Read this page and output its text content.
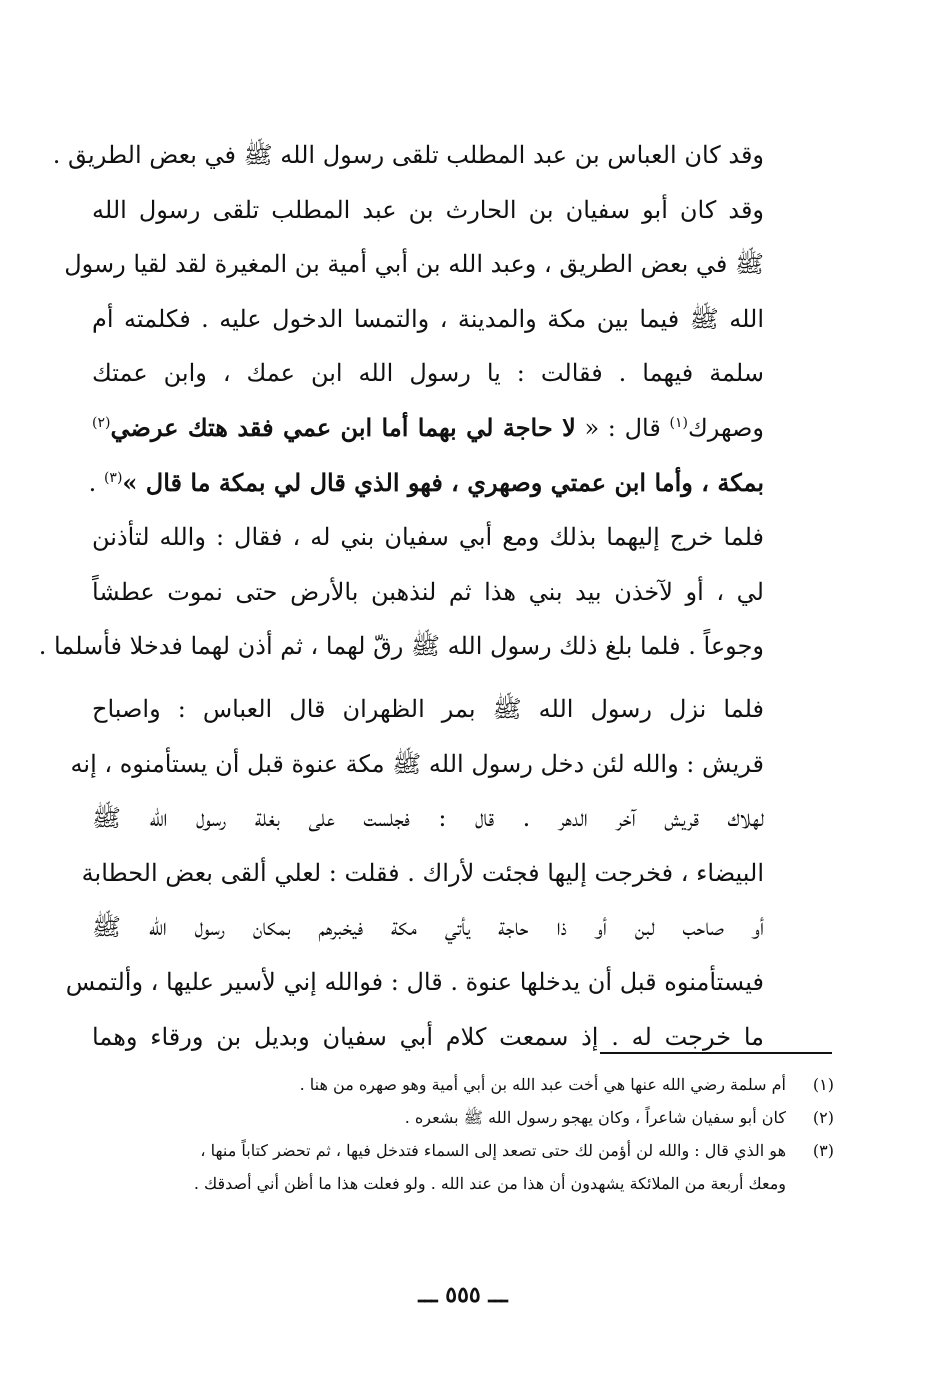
وقد كان العباس بن عبد المطلب تلقى رسول الله ﷺ في بعض الطريق .
وقد كان أبو سفيان بن الحارث بن عبد المطلب تلقى رسول الله
ﷺ في بعض الطريق ، وعبد الله بن أبي أمية بن المغيرة لقد لقيا رسول
الله ﷺ فيما بين مكة والمدينة ، والتمسا الدخول عليه . فكلمته أم
سلمة فيهما . فقالت : يا رسول الله ابن عمك ، وابن عمتك
وصهرك$^{(١)}$ قال : « لا حاجة لي بهما أما ابن عمي فقد هتك عرضي$^{(٢)}$
بمكة ، وأما ابن عمتي وصهري ، فهو الذي قال لي بمكة ما قال »$^{(٣)}$ .
فلما خرج إليهما بذلك ومع أبي سفيان بني له ، فقال : والله لتأذنن
لي ، أو لآخذن بيد بني هذا ثم لنذهبن بالأرض حتى نموت عطشاً
وجوعاً . فلما بلغ ذلك رسول الله ﷺ رقّ لهما ، ثم أذن لهما فدخلا فأسلما .
فلما نزل رسول الله ﷺ بمر الظهران قال العباس : واصباح
قريش : والله لئن دخل رسول الله ﷺ مكة عنوة قبل أن يستأمنوه ، إنه
لهلاك قريش آخر الدهر . قال : فجلست على بغلة رسول الله ﷺ
البيضاء ، فخرجت إليها فجئت لأراك . فقلت : لعلي ألقى بعض الحطابة
أو صاحب لبن أو ذا حاجة يأتي مكة فيخبرهم بمكان رسول الله ﷺ
فيستأمنوه قبل أن يدخلها عنوة . قال : فوالله إني لأسير عليها ، وألتمس
ما خرجت له . إذ سمعت كلام أبي سفيان وبديل بن ورقاء وهما
(١)
أم سلمة رضي الله عنها هي أخت عبد الله بن أبي أمية وهو صهره من هنا .
(٢)
كان أبو سفيان شاعراً ، وكان يهجو رسول الله ﷺ بشعره .
(٣)
هو الذي قال : والله لن أؤمن لك حتى تصعد إلى السماء فتدخل فيها ، ثم تحضر كتاباً منها ،
ومعك أربعة من الملائكة يشهدون أن هذا من عند الله . ولو فعلت هذا ما أظن أني أصدقك .
ـــ ٥٥٥ ـــ
